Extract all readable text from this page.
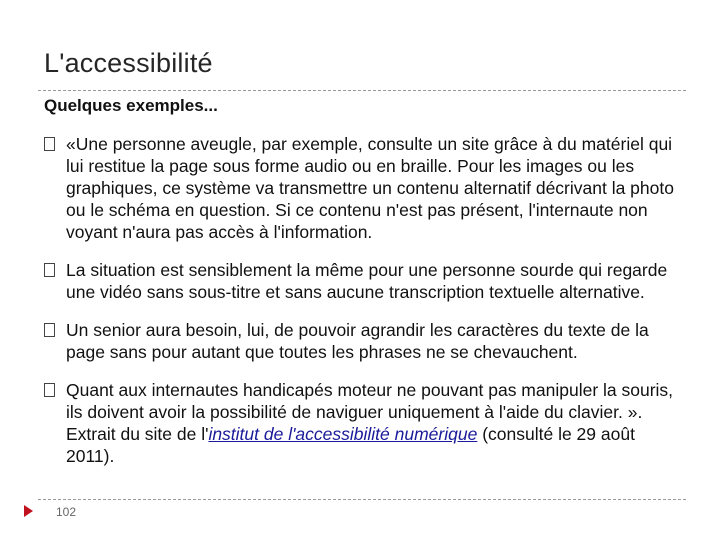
L'accessibilité
Quelques exemples...
«Une personne aveugle, par exemple, consulte un site grâce à du matériel qui lui restitue la page sous forme audio ou en braille. Pour les images ou les graphiques, ce système va transmettre un contenu alternatif décrivant la photo ou le schéma en question. Si ce contenu n'est pas présent, l'internaute non voyant n'aura pas accès à l'information.
La situation est sensiblement la même pour une personne sourde qui regarde une vidéo sans sous-titre et sans aucune transcription textuelle alternative.
Un senior aura besoin, lui, de pouvoir agrandir les caractères du texte de la page sans pour autant que toutes les phrases ne se chevauchent.
Quant aux internautes handicapés moteur ne pouvant pas manipuler la souris, ils doivent avoir la possibilité de naviguer uniquement à l'aide du clavier. ». Extrait du site de l'institut de l'accessibilité numérique (consulté le 29 août 2011).
102
